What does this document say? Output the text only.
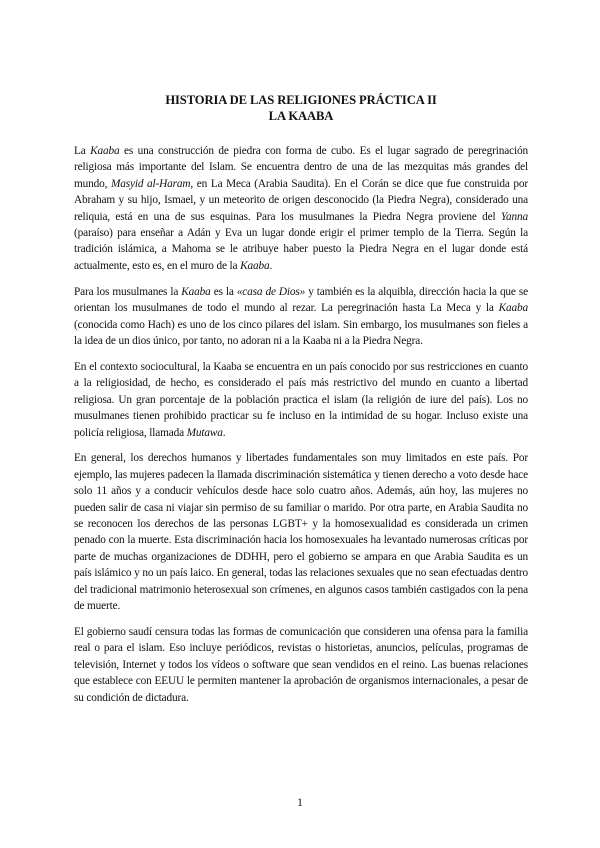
HISTORIA DE LAS RELIGIONES PRÁCTICA II
LA KAABA

La Kaaba es una construcción de piedra con forma de cubo. Es el lugar sagrado de peregrinación religiosa más importante del Islam. Se encuentra dentro de una de las mezquitas más grandes del mundo, Masyid al-Haram, en La Meca (Arabia Saudita). En el Corán se dice que fue construida por Abraham y su hijo, Ismael, y un meteorito de origen desconocido (la Piedra Negra), considerado una reliquia, está en una de sus esquinas. Para los musulmanes la Piedra Negra proviene del Yanna (paraíso) para enseñar a Adán y Eva un lugar donde erigir el primer templo de la Tierra. Según la tradición islámica, a Mahoma se le atribuye haber puesto la Piedra Negra en el lugar donde está actualmente, esto es, en el muro de la Kaaba.

Para los musulmanes la Kaaba es la «casa de Dios» y también es la alquibla, dirección hacia la que se orientan los musulmanes de todo el mundo al rezar. La peregrinación hasta La Meca y la Kaaba (conocida como Hach) es uno de los cinco pilares del islam. Sin embargo, los musulmanes son fieles a la idea de un dios único, por tanto, no adoran ni a la Kaaba ni a la Piedra Negra.

En el contexto sociocultural, la Kaaba se encuentra en un país conocido por sus restricciones en cuanto a la religiosidad, de hecho, es considerado el país más restrictivo del mundo en cuanto a libertad religiosa. Un gran porcentaje de la población practica el islam (la religión de iure del país). Los no musulmanes tienen prohibido practicar su fe incluso en la intimidad de su hogar. Incluso existe una policía religiosa, llamada Mutawa.

En general, los derechos humanos y libertades fundamentales son muy limitados en este país. Por ejemplo, las mujeres padecen la llamada discriminación sistemática y tienen derecho a voto desde hace solo 11 años y a conducir vehículos desde hace solo cuatro años. Además, aún hoy, las mujeres no pueden salir de casa ni viajar sin permiso de su familiar o marido. Por otra parte, en Arabia Saudita no se reconocen los derechos de las personas LGBT+ y la homosexualidad es considerada un crimen penado con la muerte. Esta discriminación hacia los homosexuales ha levantado numerosas críticas por parte de muchas organizaciones de DDHH, pero el gobierno se ampara en que Arabia Saudita es un país islámico y no un país laico. En general, todas las relaciones sexuales que no sean efectuadas dentro del tradicional matrimonio heterosexual son crímenes, en algunos casos también castigados con la pena de muerte.

El gobierno saudí censura todas las formas de comunicación que consideren una ofensa para la familia real o para el islam. Eso incluye periódicos, revistas o historietas, anuncios, películas, programas de televisión, Internet y todos los vídeos o software que sean vendidos en el reino. Las buenas relaciones que establece con EEUU le permiten mantener la aprobación de organismos internacionales, a pesar de su condición de dictadura.

1
